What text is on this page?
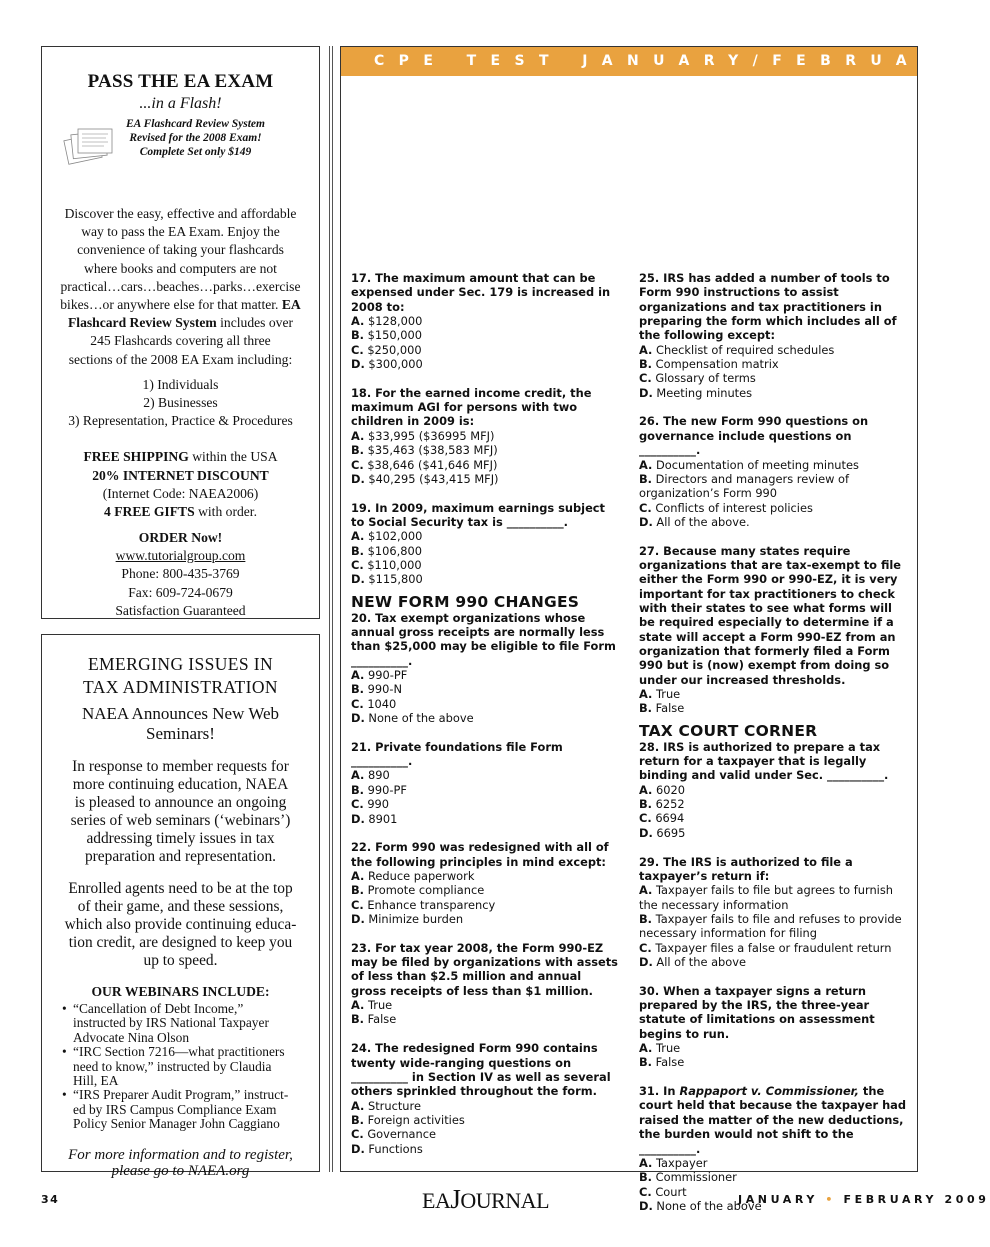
PASS THE EA EXAM
...in a Flash!
EA Flashcard Review System
Revised for the 2008 Exam!
Complete Set only $149
Discover the easy, effective and affordable
way to pass the EA Exam. Enjoy the
convenience of taking your flashcards
where books and computers are not
practical…cars…beaches…parks…exercise
bikes…or anywhere else for that matter. EA
Flashcard Review System includes over
245 Flashcards covering all three
sections of the 2008 EA Exam including:
1) Individuals
2) Businesses
3) Representation, Practice & Procedures
FREE SHIPPING within the USA
20% INTERNET DISCOUNT
(Internet Code: NAEA2006)
4 FREE GIFTS with order.
ORDER Now!
www.tutorialgroup.com
Phone: 800-435-3769
Fax: 609-724-0679
Satisfaction Guaranteed
EMERGING ISSUES IN
TAX ADMINISTRATION
NAEA Announces New Web
Seminars!
In response to member requests for
more continuing education, NAEA
is pleased to announce an ongoing
series of web seminars (‘webinars’)
addressing timely issues in tax
preparation and representation.
Enrolled agents need to be at the top
of their game, and these sessions,
which also provide continuing educa-
tion credit, are designed to keep you
up to speed.
OUR WEBINARS INCLUDE:
• “Cancellation of Debt Income,”
instructed by IRS National Taxpayer
Advocate Nina Olson
• “IRC Section 7216—what practitioners
need to know,” instructed by Claudia
Hill, EA
• “IRS Preparer Audit Program,” instruct-
ed by IRS Campus Compliance Exam
Policy Senior Manager John Caggiano
For more information and to register,
please go to NAEA.org
CPE TEST JANUARY/FEBRUARY
17. The maximum amount that can be expensed under Sec. 179 is increased in 2008 to:
A. $128,000
B. $150,000
C. $250,000
D. $300,000
18. For the earned income credit, the maximum AGI for persons with two children in 2009 is:
A. $33,995 ($36995 MFJ)
B. $35,463 ($38,583 MFJ)
C. $38,646 ($41,646 MFJ)
D. $40,295 ($43,415 MFJ)
19. In 2009, maximum earnings subject to Social Security tax is __________.
A. $102,000
B. $106,800
C. $110,000
D. $115,800
NEW FORM 990 CHANGES
20. Tax exempt organizations whose annual gross receipts are normally less than $25,000 may be eligible to file Form __________.
A. 990-PF
B. 990-N
C. 1040
D. None of the above
21. Private foundations file Form __________.
A. 890
B. 990-PF
C. 990
D. 8901
22. Form 990 was redesigned with all of the following principles in mind except:
A. Reduce paperwork
B. Promote compliance
C. Enhance transparency
D. Minimize burden
23. For tax year 2008, the Form 990-EZ may be filed by organizations with assets of less than $2.5 million and annual gross receipts of less than $1 million.
A. True
B. False
24. The redesigned Form 990 contains twenty wide-ranging questions on __________ in Section IV as well as several others sprinkled throughout the form.
A. Structure
B. Foreign activities
C. Governance
D. Functions
25. IRS has added a number of tools to Form 990 instructions to assist organizations and tax practitioners in preparing the form which includes all of the following except:
A. Checklist of required schedules
B. Compensation matrix
C. Glossary of terms
D. Meeting minutes
26. The new Form 990 questions on governance include questions on __________.
A. Documentation of meeting minutes
B. Directors and managers review of organization’s Form 990
C. Conflicts of interest policies
D. All of the above.
27. Because many states require organizations that are tax-exempt to file either the Form 990 or 990-EZ, it is very important for tax practitioners to check with their states to see what forms will be required especially to determine if a state will accept a Form 990-EZ from an organization that formerly filed a Form 990 but is (now) exempt from doing so under our increased thresholds.
A. True
B. False
TAX COURT CORNER
28. IRS is authorized to prepare a tax return for a taxpayer that is legally binding and valid under Sec. __________.
A. 6020
B. 6252
C. 6694
D. 6695
29. The IRS is authorized to file a taxpayer’s return if:
A. Taxpayer fails to file but agrees to furnish the necessary information
B. Taxpayer fails to file and refuses to provide necessary information for filing
C. Taxpayer files a false or fraudulent return
D. All of the above
30. When a taxpayer signs a return prepared by the IRS, the three-year statute of limitations on assessment begins to run.
A. True
B. False
31. In Rappaport v. Commissioner, the court held that because the taxpayer had raised the matter of the new deductions, the burden would not shift to the __________.
A. Taxpayer
B. Commissioner
C. Court
D. None of the above
34	EAJOURNAL	JANUARY • FEBRUARY 2009
